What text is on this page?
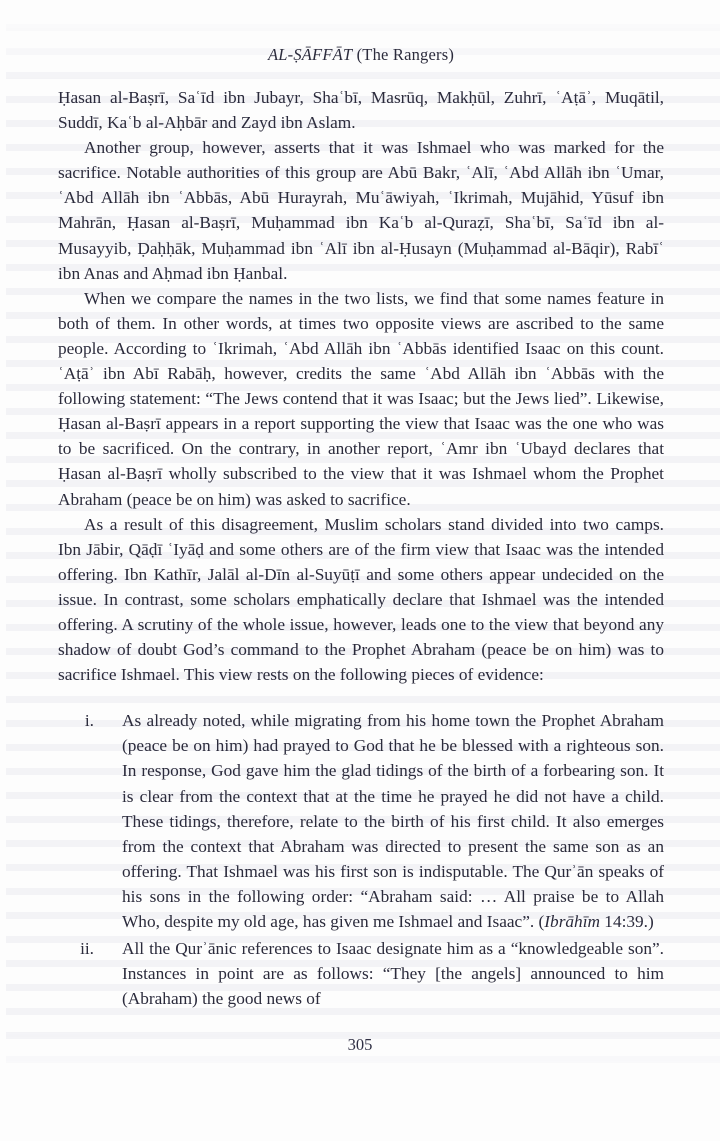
AL-ṢĀFFĀT (The Rangers)

Ḥasan al-Baṣrī, Saʿīd ibn Jubayr, Shaʿbī, Masrūq, Makḥūl, Zuhrī, ʿAṭāʾ, Muqātil, Suddī, Kaʿb al-Aḥbār and Zayd ibn Aslam.

Another group, however, asserts that it was Ishmael who was marked for the sacrifice. Notable authorities of this group are Abū Bakr, ʿAlī, ʿAbd Allāh ibn ʿUmar, ʿAbd Allāh ibn ʿAbbās, Abū Hurayrah, Muʿāwiyah, ʿIkrimah, Mujāhid, Yūsuf ibn Mahrān, Ḥasan al-Baṣrī, Muḥammad ibn Kaʿb al-Quraẓī, Shaʿbī, Saʿīd ibn al-Musayyib, Ḍaḥḥāk, Muḥammad ibn ʿAlī ibn al-Ḥusayn (Muḥammad al-Bāqir), Rabīʿ ibn Anas and Aḥmad ibn Ḥanbal.

When we compare the names in the two lists, we find that some names feature in both of them. In other words, at times two opposite views are ascribed to the same people. According to ʿIkrimah, ʿAbd Allāh ibn ʿAbbās identified Isaac on this count. ʿAṭāʾ ibn Abī Rabāḥ, however, credits the same ʿAbd Allāh ibn ʿAbbās with the following statement: “The Jews contend that it was Isaac; but the Jews lied”. Likewise, Ḥasan al-Baṣrī appears in a report supporting the view that Isaac was the one who was to be sacrificed. On the contrary, in another report, ʿAmr ibn ʿUbayd declares that Ḥasan al-Baṣrī wholly subscribed to the view that it was Ishmael whom the Prophet Abraham (peace be on him) was asked to sacrifice.

As a result of this disagreement, Muslim scholars stand divided into two camps. Ibn Jābir, Qāḍī ʿIyāḍ and some others are of the firm view that Isaac was the intended offering. Ibn Kathīr, Jalāl al-Dīn al-Suyūṭī and some others appear undecided on the issue. In contrast, some scholars emphatically declare that Ishmael was the intended offering. A scrutiny of the whole issue, however, leads one to the view that beyond any shadow of doubt God’s command to the Prophet Abraham (peace be on him) was to sacrifice Ishmael. This view rests on the following pieces of evidence:

i.	As already noted, while migrating from his home town the Prophet Abraham (peace be on him) had prayed to God that he be blessed with a righteous son. In response, God gave him the glad tidings of the birth of a forbearing son. It is clear from the context that at the time he prayed he did not have a child. These tidings, therefore, relate to the birth of his first child. It also emerges from the context that Abraham was directed to present the same son as an offering. That Ishmael was his first son is indisputable. The Qurʾān speaks of his sons in the following order: “Abraham said: … All praise be to Allah Who, despite my old age, has given me Ishmael and Isaac”. (Ibrāhīm 14:39.)
ii.	All the Qurʾānic references to Isaac designate him as a “knowledgeable son”. Instances in point are as follows: “They [the angels] announced to him (Abraham) the good news of
305
